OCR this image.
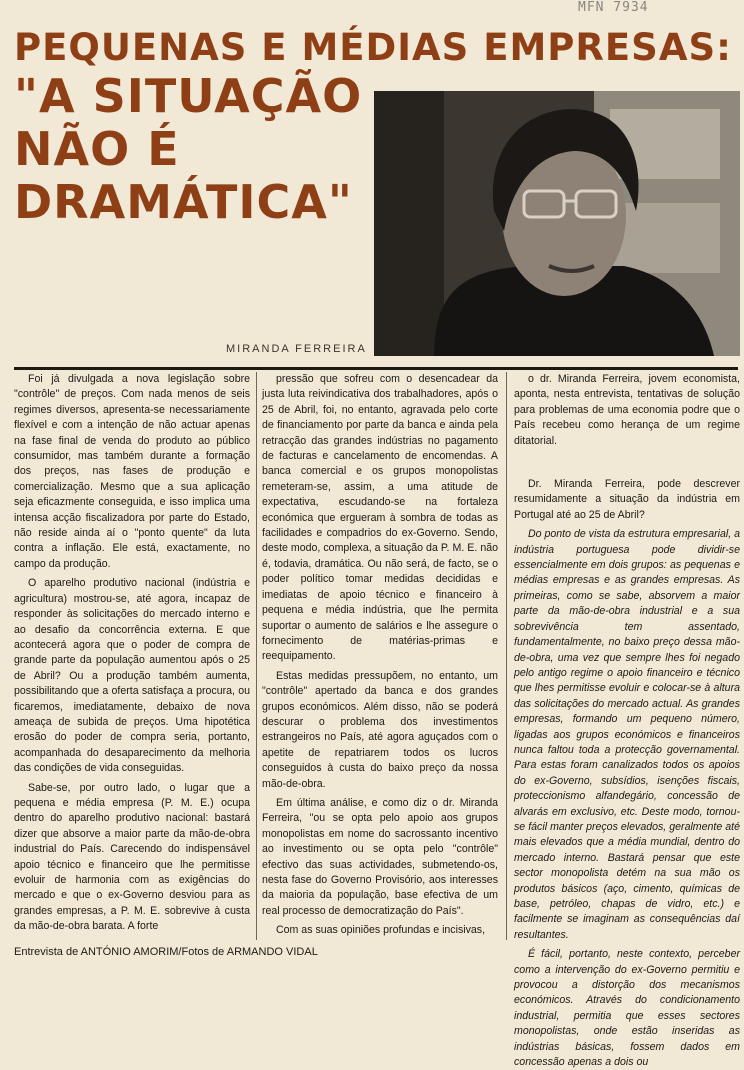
MFN 7934
PEQUENAS E MÉDIAS EMPRESAS:
"A SITUAÇÃO
NÃO É
DRAMÁTICA"
MIRANDA FERREIRA

Foi já divulgada a nova legislação sobre "contrôle" de preços. Com nada menos de seis regimes diversos, apresenta-se necessariamente flexível e com a intenção de não actuar apenas na fase final de venda do produto ao público consumidor, mas também durante a formação dos preços, nas fases de produção e comercialização. Mesmo que a sua aplicação seja eficazmente conseguida, e isso implica uma intensa acção fiscalizadora por parte do Estado, não reside ainda aí o "ponto quente" da luta contra a inflação. Ele está, exactamente, no campo da produção.

O aparelho produtivo nacional (indústria e agricultura) mostrou-se, até agora, incapaz de responder às solicitações do mercado interno e ao desafio da concorrência externa. E que acontecerá agora que o poder de compra de grande parte da população aumentou após o 25 de Abril? Ou a produção também aumenta, possibilitando que a oferta satisfaça a procura, ou ficaremos, imediatamente, debaixo de nova ameaça de subida de preços. Uma hipotética erosão do poder de compra seria, portanto, acompanhada do desaparecimento da melhoria das condições de vida conseguidas.

Sabe-se, por outro lado, o lugar que a pequena e média empresa (P. M. E.) ocupa dentro do aparelho produtivo nacional: bastará dizer que absorve a maior parte da mão-de-obra industrial do País. Carecendo do indispensável apoio técnico e financeiro que lhe permitisse evoluir de harmonia com as exigências do mercado e que o ex-Governo desviou para as grandes empresas, a P. M. E. sobrevive à custa da mão-de-obra barata. A forte

pressão que sofreu com o desencadear da justa luta reivindicativa dos trabalhadores, após o 25 de Abril, foi, no entanto, agravada pelo corte de financiamento por parte da banca e ainda pela retracção das grandes indústrias no pagamento de facturas e cancelamento de encomendas. A banca comercial e os grupos monopolistas remeteram-se, assim, a uma atitude de expectativa, escudando-se na fortaleza económica que ergueram à sombra de todas as facilidades e compadrios do ex-Governo. Sendo, deste modo, complexa, a situação da P. M. E. não é, todavia, dramática. Ou não será, de facto, se o poder político tomar medidas decididas e imediatas de apoio técnico e financeiro à pequena e média indústria, que lhe permita suportar o aumento de salários e lhe assegure o fornecimento de matérias-primas e reequipamento.

Estas medidas pressupõem, no entanto, um "contrôle" apertado da banca e dos grandes grupos económicos. Além disso, não se poderá descurar o problema dos investimentos estrangeiros no País, até agora aguçados com o apetite de repatriarem todos os lucros conseguidos à custa do baixo preço da nossa mão-de-obra.

Em última análise, e como diz o dr. Miranda Ferreira, "ou se opta pelo apoio aos grupos monopolistas em nome do sacrossanto incentivo ao investimento ou se opta pelo "contrôle" efectivo das suas actividades, submetendo-os, nesta fase do Governo Provisório, aos interesses da maioria da população, base efectiva de um real processo de democratização do País".

Com as suas opiniões profundas e incisivas,

o dr. Miranda Ferreira, jovem economista, aponta, nesta entrevista, tentativas de solução para problemas de uma economia podre que o País recebeu como herança de um regime ditatorial.

Dr. Miranda Ferreira, pode descrever resumidamente a situação da indústria em Portugal até ao 25 de Abril?

Do ponto de vista da estrutura empresarial, a indústria portuguesa pode dividir-se essencialmente em dois grupos: as pequenas e médias empresas e as grandes empresas. As primeiras, como se sabe, absorvem a maior parte da mão-de-obra industrial e a sua sobrevivência tem assentado, fundamentalmente, no baixo preço dessa mão-de-obra, uma vez que sempre lhes foi negado pelo antigo regime o apoio financeiro e técnico que lhes permitisse evoluir e colocar-se à altura das solicitações do mercado actual. As grandes empresas, formando um pequeno número, ligadas aos grupos económicos e financeiros nunca faltou toda a protecção governamental. Para estas foram canalizados todos os apoios do ex-Governo, subsídios, isenções fiscais, proteccionismo alfandegário, concessão de alvarás em exclusivo, etc. Deste modo, tornou-se fácil manter preços elevados, geralmente até mais elevados que a média mundial, dentro do mercado interno. Bastará pensar que este sector monopolista detém na sua mão os produtos básicos (aço, cimento, químicas de base, petróleo, chapas de vidro, etc.) e facilmente se imaginam as consequências daí resultantes.

É fácil, portanto, neste contexto, perceber como a intervenção do ex-Governo permitiu e provocou a distorção dos mecanismos económicos. Através do condicionamento industrial, permitia que esses sectores monopolistas, onde estão inseridas as indústrias básicas, fossem dados em concessão apenas a dois ou

Entrevista de ANTÓNIO AMORIM/Fotos de ARMANDO VIDAL
